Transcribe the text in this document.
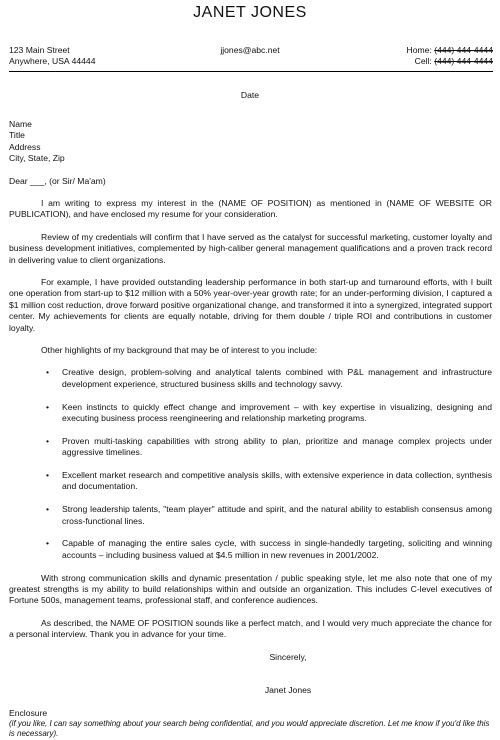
JANET JONES
123 Main Street
Anywhere, USA 44444
jjones@abc.net	Home: (444) 444-4444
Cell: (444) 444-4444
Date
Name
Title
Address
City, State, Zip
Dear ___, (or Sir/ Ma'am)

I am writing to express my interest in the (NAME OF POSITION) as mentioned in (NAME OF WEBSITE OR PUBLICATION), and have enclosed my resume for your consideration.

Review of my credentials will confirm that I have served as the catalyst for successful marketing, customer loyalty and business development initiatives, complemented by high-caliber general management qualifications and a proven track record in delivering value to client organizations.

For example, I have provided outstanding leadership performance in both start-up and turnaround efforts, with I built one operation from start-up to $12 million with a 50% year-over-year growth rate; for an under-performing division, I captured a $1 million cost reduction, drove forward positive organizational change, and transformed it into a synergized, integrated support center. My achievements for clients are equally notable, driving for them double / triple ROI and contributions in customer loyalty.

Other highlights of my background that may be of interest to you include:

• Creative design, problem-solving and analytical talents combined with P&L management and infrastructure development experience, structured business skills and technology savvy.
• Keen instincts to quickly effect change and improvement – with key expertise in visualizing, designing and executing business process reengineering and relationship marketing programs.
• Proven multi-tasking capabilities with strong ability to plan, prioritize and manage complex projects under aggressive timelines.
• Excellent market research and competitive analysis skills, with extensive experience in data collection, synthesis and documentation.
• Strong leadership talents, "team player" attitude and spirit, and the natural ability to establish consensus among cross-functional lines.
• Capable of managing the entire sales cycle, with success in single-handedly targeting, soliciting and winning accounts – including business valued at $4.5 million in new revenues in 2001/2002.

With strong communication skills and dynamic presentation / public speaking style, let me also note that one of my greatest strengths is my ability to build relationships within and outside an organization. This includes C-level executives of Fortune 500s, management teams, professional staff, and conference audiences.

As described, the NAME OF POSITION sounds like a perfect match, and I would very much appreciate the chance for a personal interview. Thank you in advance for your time.

Sincerely,
Janet Jones
Enclosure
(if you like, I can say something about your search being confidential, and you would appreciate discretion. Let me know if you'd like this is necessary).
